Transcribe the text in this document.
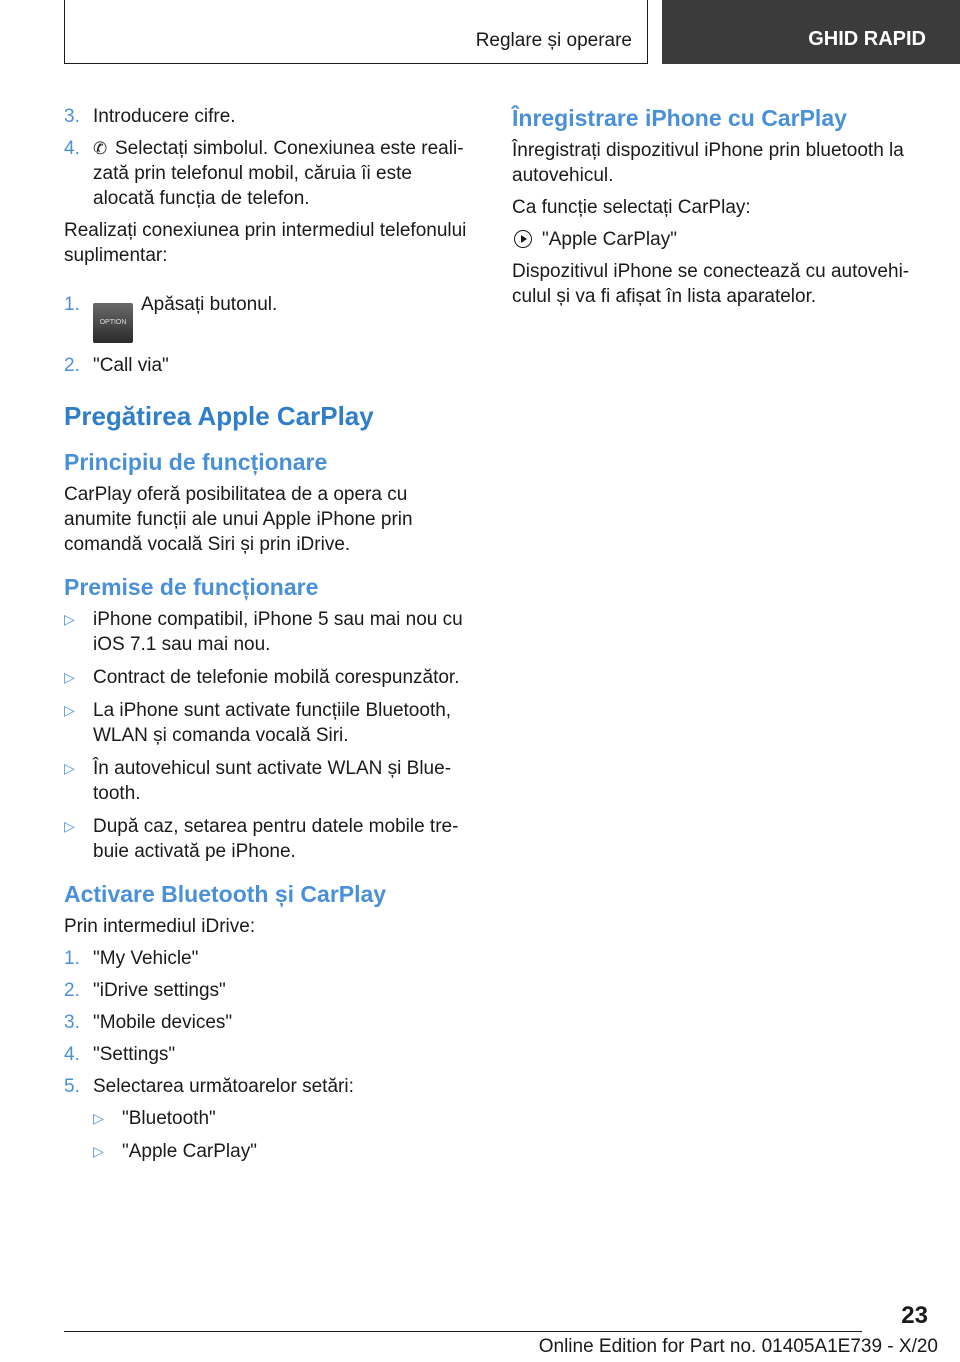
Reglare și operare	GHID RAPID
3. Introducere cifre.
4. ✆ Selectați simbolul. Conexiunea este realizată prin telefonul mobil, căruia îi este alocată funcția de telefon.

Realizați conexiunea prin intermediul telefonului suplimentar:

1.
OPTIONApăsați butonul.
2. "Call via"
Pregătirea Apple CarPlay
Principiu de funcționare

CarPlay oferă posibilitatea de a opera cu anumite funcții ale unui Apple iPhone prin comandă vocală Siri și prin iDrive.

Premise de funcționare
▷ iPhone compatibil, iPhone 5 sau mai nou cu iOS 7.1 sau mai nou.
▷ Contract de telefonie mobilă corespunzător.
▷ La iPhone sunt activate funcțiile Bluetooth, WLAN și comanda vocală Siri.
▷ În autovehicul sunt activate WLAN și Bluetooth.
▷ După caz, setarea pentru datele mobile trebuie activată pe iPhone.
Activare Bluetooth și CarPlay

Prin intermediul iDrive:

1. "My Vehicle"
2. "iDrive settings"
3. "Mobile devices"
4. "Settings"
5. Selectarea următoarelor setări:
▷ "Bluetooth"
▷ "Apple CarPlay"
Înregistrare iPhone cu CarPlay

Înregistrați dispozitivul iPhone prin bluetooth la autovehicul.

Ca funcție selectați CarPlay:

"Apple CarPlay"

Dispozitivul iPhone se conectează cu autovehiculul și va fi afișat în lista aparatelor.

23
Online Edition for Part no. 01405A1E739 - X/20
